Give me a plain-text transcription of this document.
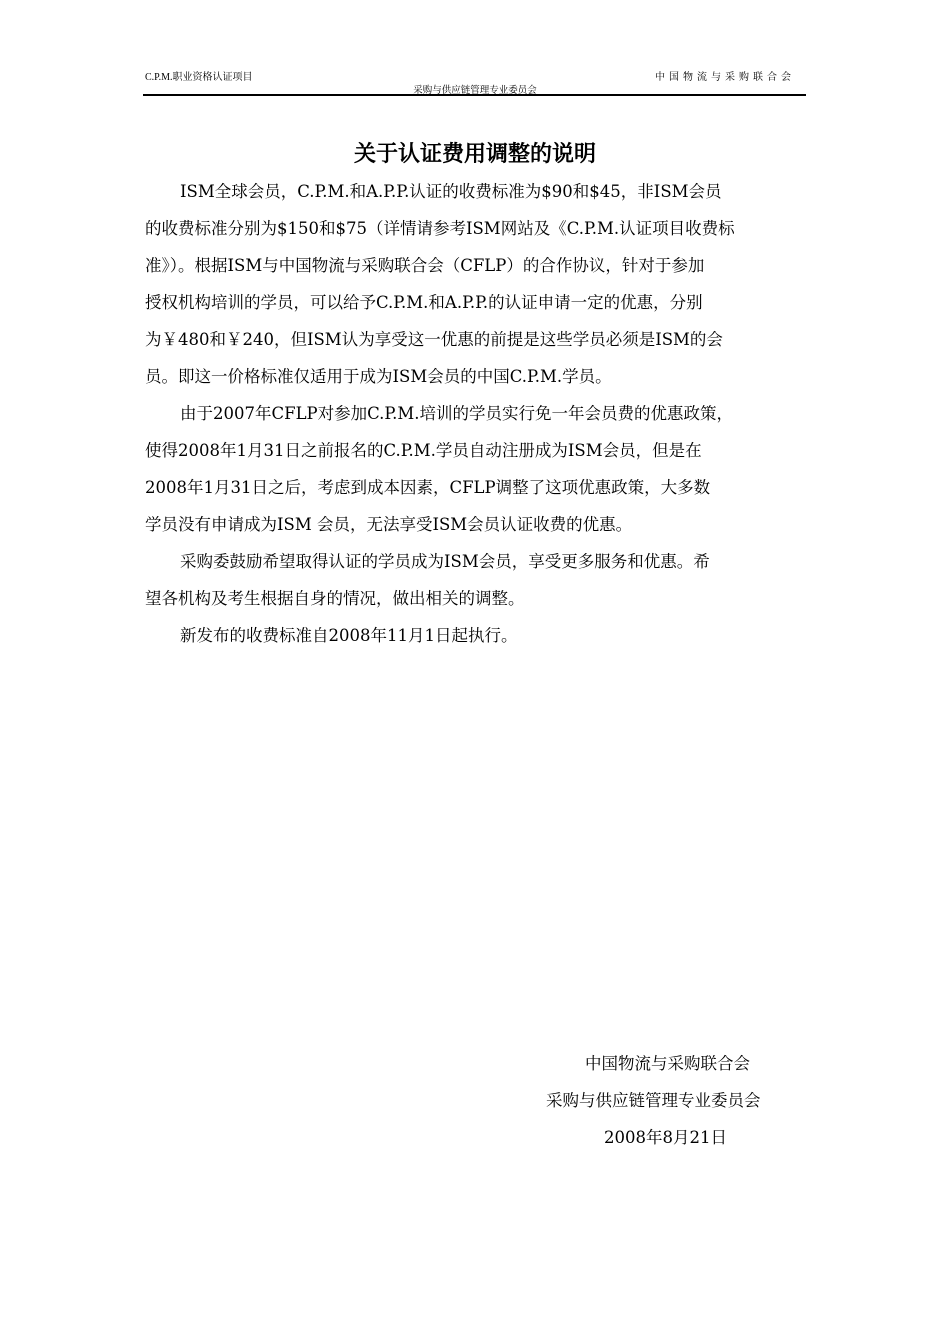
C.P.M.职业资格认证项目	中国物流与采购联合会
采购与供应链管理专业委员会
关于认证费用调整的说明
ISM全球会员，C.P.M.和A.P.P.认证的收费标准为$90和$45，非ISM会员
的收费标准分别为$150和$75（详情请参考ISM网站及《C.P.M.认证项目收费标
准》）。根据ISM与中国物流与采购联合会（CFLP）的合作协议，针对于参加
授权机构培训的学员，可以给予C.P.M.和A.P.P.的认证申请一定的优惠，分别
为￥480和￥240，但ISM认为享受这一优惠的前提是这些学员必须是ISM的会
员。即这一价格标准仅适用于成为ISM会员的中国C.P.M.学员。
由于2007年CFLP对参加C.P.M.培训的学员实行免一年会员费的优惠政策，
使得2008年1月31日之前报名的C.P.M.学员自动注册成为ISM会员，但是在
2008年1月31日之后，考虑到成本因素，CFLP调整了这项优惠政策，大多数
学员没有申请成为ISM 会员，无法享受ISM会员认证收费的优惠。
采购委鼓励希望取得认证的学员成为ISM会员，享受更多服务和优惠。希
望各机构及考生根据自身的情况，做出相关的调整。
新发布的收费标准自2008年11月1日起执行。
中国物流与采购联合会
采购与供应链管理专业委员会
2008年8月21日
